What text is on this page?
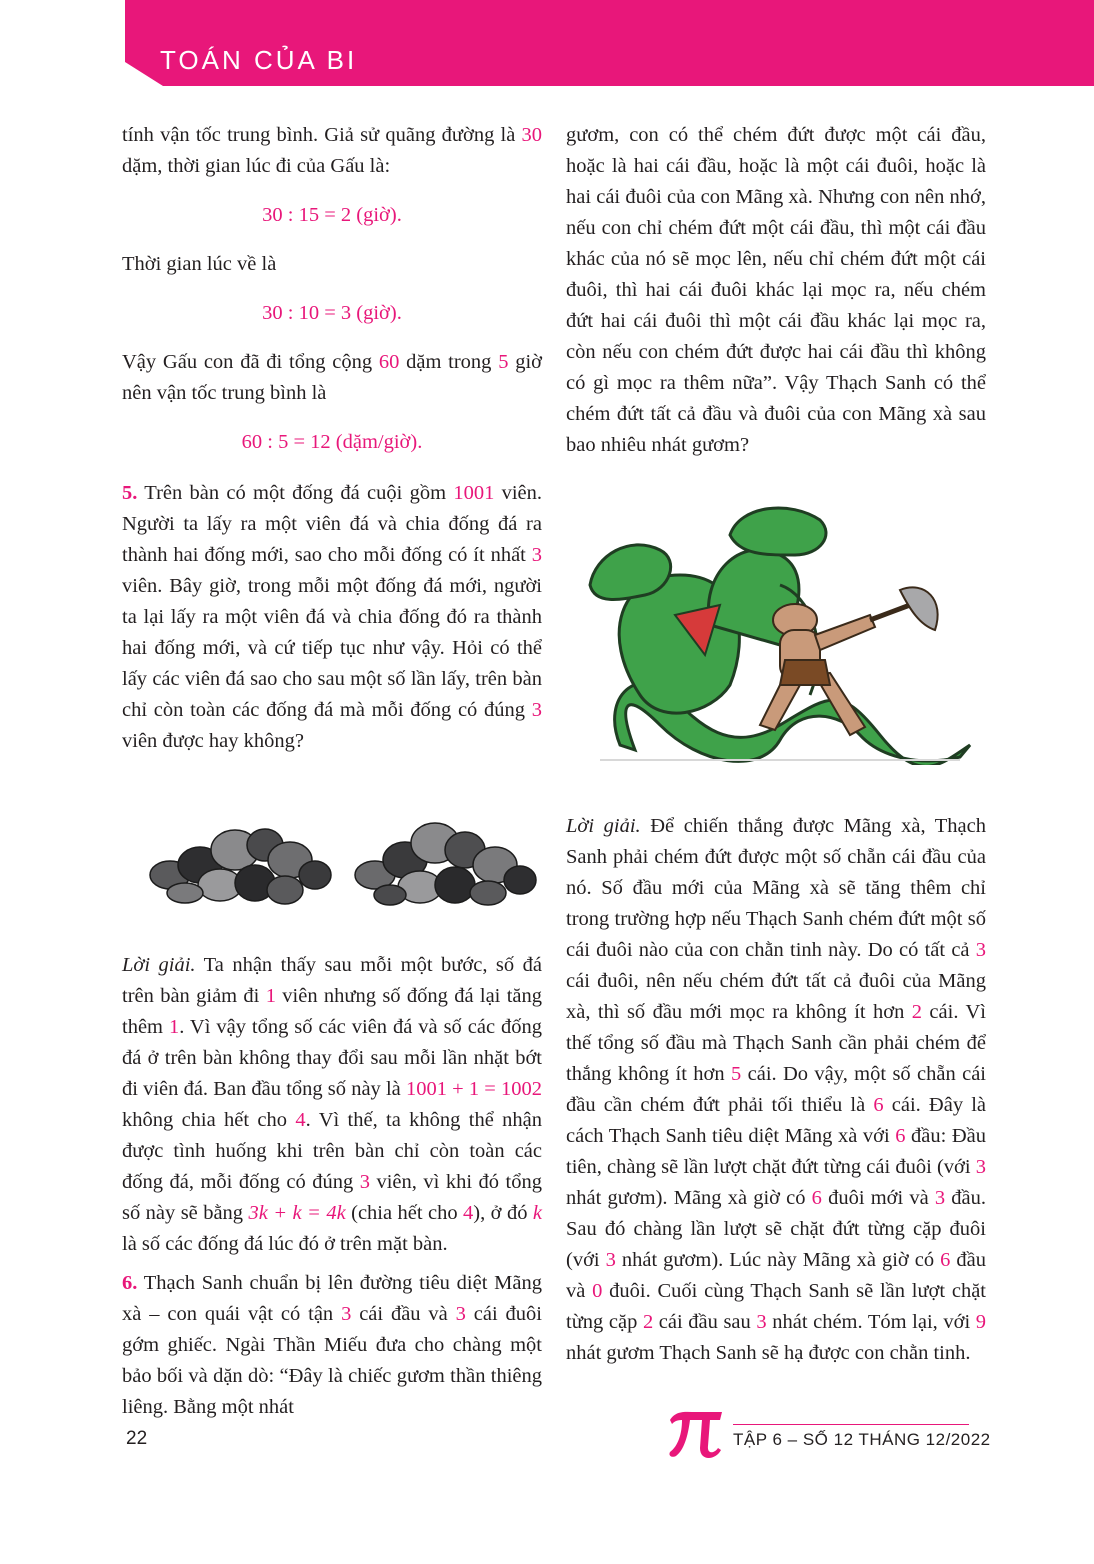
TOÁN CỦA BI

tính vận tốc trung bình. Giả sử quãng đường là 30 dặm, thời gian lúc đi của Gấu là:

30 : 15 = 2 (giờ).

Thời gian lúc về là

30 : 10 = 3 (giờ).

Vậy Gấu con đã đi tổng cộng 60 dặm trong 5 giờ nên vận tốc trung bình là

60 : 5 = 12 (dặm/giờ).

5. Trên bàn có một đống đá cuội gồm 1001 viên. Người ta lấy ra một viên đá và chia đống đá ra thành hai đống mới, sao cho mỗi đống có ít nhất 3 viên. Bây giờ, trong mỗi một đống đá mới, người ta lại lấy ra một viên đá và chia đống đó ra thành hai đống mới, và cứ tiếp tục như vậy. Hỏi có thể lấy các viên đá sao cho sau một số lần lấy, trên bàn chỉ còn toàn các đống đá mà mỗi đống có đúng 3 viên được hay không?

Lời giải. Ta nhận thấy sau mỗi một bước, số đá trên bàn giảm đi 1 viên nhưng số đống đá lại tăng thêm 1. Vì vậy tổng số các viên đá và số các đống đá ở trên bàn không thay đổi sau mỗi lần nhặt bớt đi viên đá. Ban đầu tổng số này là 1001 + 1 = 1002 không chia hết cho 4. Vì thế, ta không thể nhận được tình huống khi trên bàn chỉ còn toàn các đống đá, mỗi đống có đúng 3 viên, vì khi đó tổng số này sẽ bằng 3k + k = 4k (chia hết cho 4), ở đó k là số các đống đá lúc đó ở trên mặt bàn.

6. Thạch Sanh chuẩn bị lên đường tiêu diệt Mãng xà – con quái vật có tận 3 cái đầu và 3 cái đuôi gớm ghiếc. Ngài Thần Miếu đưa cho chàng một bảo bối và dặn dò: “Đây là chiếc gươm thần thiêng liêng. Bằng một nhát

gươm, con có thể chém đứt được một cái đầu, hoặc là hai cái đầu, hoặc là một cái đuôi, hoặc là hai cái đuôi của con Mãng xà. Nhưng con nên nhớ, nếu con chỉ chém đứt một cái đầu, thì một cái đầu khác của nó sẽ mọc lên, nếu chỉ chém đứt một cái đuôi, thì hai cái đuôi khác lại mọc ra, nếu chém đứt hai cái đuôi thì một cái đầu khác lại mọc ra, còn nếu con chém đứt được hai cái đầu thì không có gì mọc ra thêm nữa”. Vậy Thạch Sanh có thể chém đứt tất cả đầu và đuôi của con Mãng xà sau bao nhiêu nhát gươm?

Lời giải. Để chiến thắng được Mãng xà, Thạch Sanh phải chém đứt được một số chẵn cái đầu của nó. Số đầu mới của Mãng xà sẽ tăng thêm chỉ trong trường hợp nếu Thạch Sanh chém đứt một số cái đuôi nào của con chằn tinh này. Do có tất cả 3 cái đuôi, nên nếu chém đứt tất cả đuôi của Mãng xà, thì số đầu mới mọc ra không ít hơn 2 cái. Vì thế tổng số đầu mà Thạch Sanh cần phải chém để thắng không ít hơn 5 cái. Do vậy, một số chẵn cái đầu cần chém đứt phải tối thiểu là 6 cái. Đây là cách Thạch Sanh tiêu diệt Mãng xà với 6 đầu: Đầu tiên, chàng sẽ lần lượt chặt đứt từng cái đuôi (với 3 nhát gươm). Mãng xà giờ có 6 đuôi mới và 3 đầu. Sau đó chàng lần lượt sẽ chặt đứt từng cặp đuôi (với 3 nhát gươm). Lúc này Mãng xà giờ có 6 đầu và 0 đuôi. Cuối cùng Thạch Sanh sẽ lần lượt chặt từng cặp 2 cái đầu sau 3 nhát chém. Tóm lại, với 9 nhát gươm Thạch Sanh sẽ hạ được con chằn tinh.

22	TẬP 6 – SỐ 12 THÁNG 12/2022
